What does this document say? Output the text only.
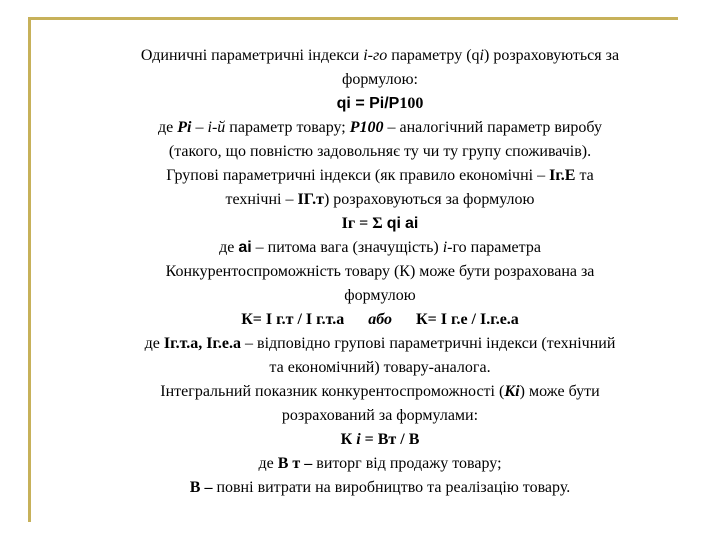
Одиничні параметричні індекси і-го параметру (qi) розраховуються за
формулою:
qi = Pi/P100
де Pi – і-й параметр товару; P100 – аналогічний параметр виробу
(такого, що повністю задовольняє ту чи ту групу споживачів).
Групові параметричні індекси (як правило економічні – Iг.Е та
технічні – IГ.т) розраховуються за формулою
Iг = Σ qi ai
де ai – питома вага (значущість) і-го параметра
Конкурентоспроможність товару (К) може бути розрахована за
формулою
К= I г.т / I г.т.а або К= I г.е / I.г.е.а
де Iг.т.а, Iг.е.а – відповідно групові параметричні індекси (технічний
та економічний) товару-аналога.
Інтегральний показник конкурентоспроможності (Кі) може бути
розрахований за формулами:
К і = Вт / В
де В т – виторг від продажу товару;
В – повні витрати на виробництво та реалізацію товару.
